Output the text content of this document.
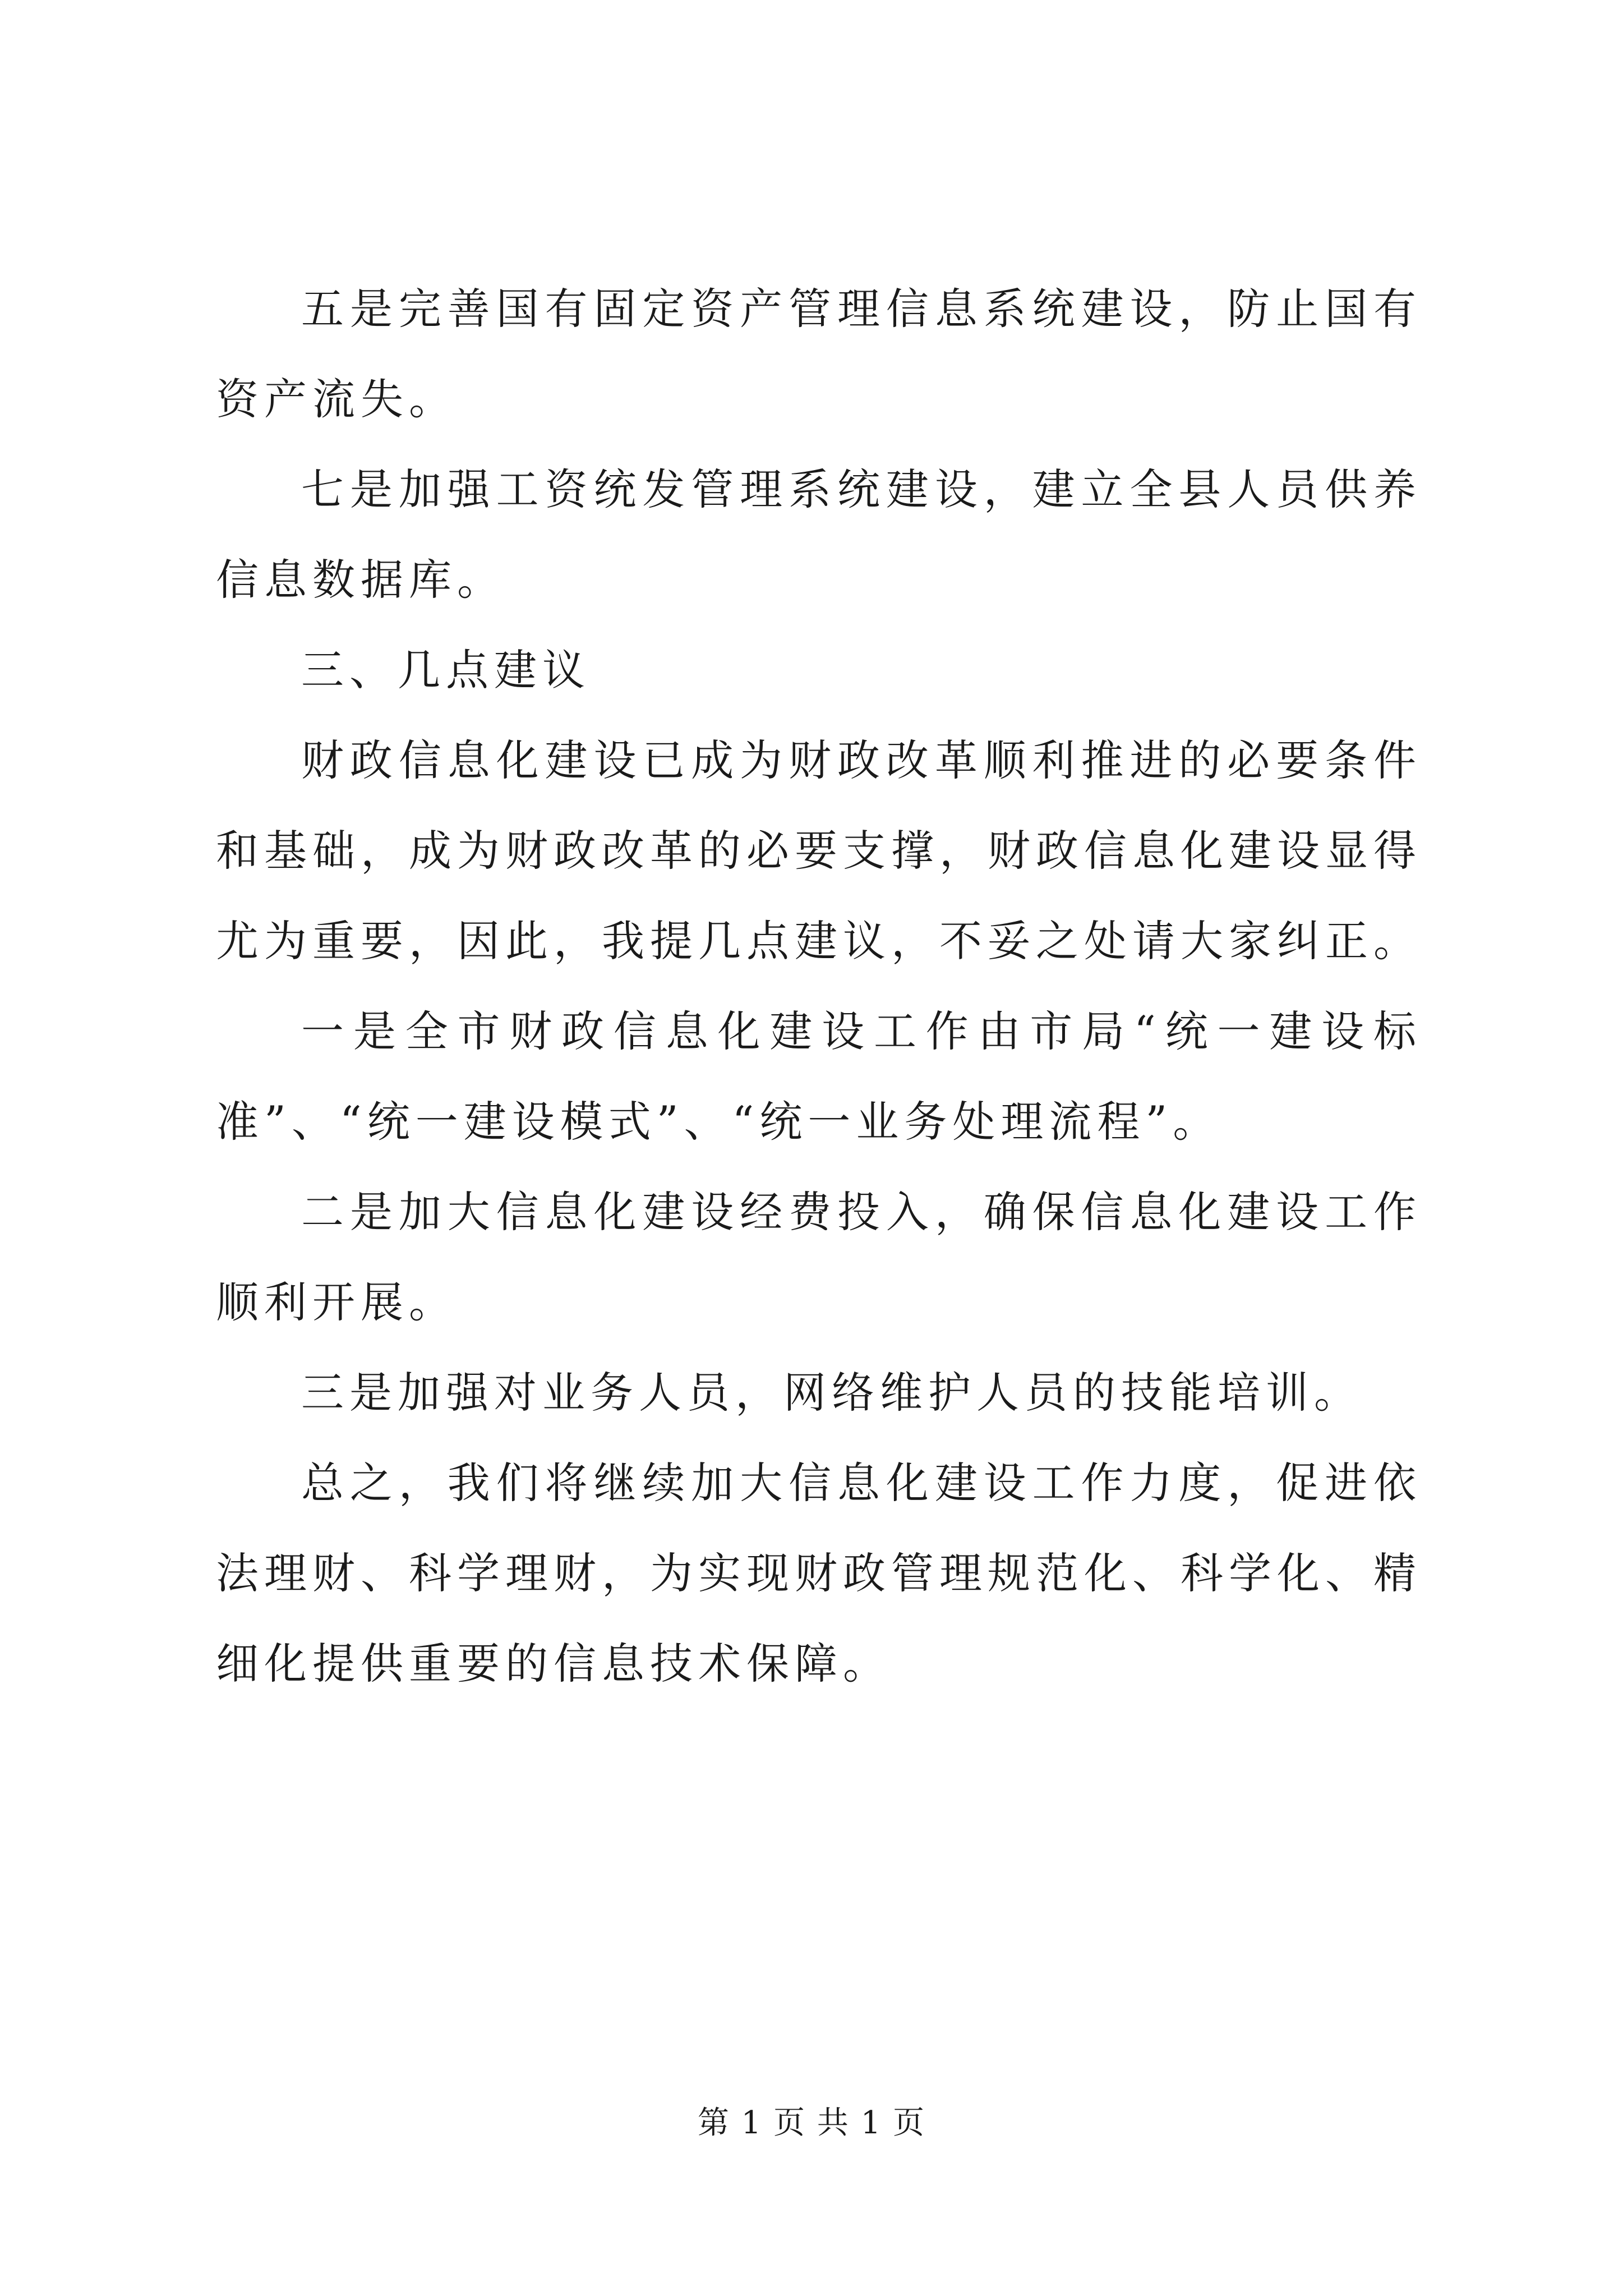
五是完善国有固定资产管理信息系统建设，防止国有资产流失。

七是加强工资统发管理系统建设，建立全县人员供养信息数据库。

三、几点建议

财政信息化建设已成为财政改革顺利推进的必要条件和基础，成为财政改革的必要支撑，财政信息化建设显得尤为重要，因此，我提几点建议，不妥之处请大家纠正。

一是全市财政信息化建设工作由市局“统一建设标准”、“统一建设模式”、“统一业务处理流程”。

二是加大信息化建设经费投入，确保信息化建设工作顺利开展。

三是加强对业务人员，网络维护人员的技能培训。

总之，我们将继续加大信息化建设工作力度，促进依法理财、科学理财，为实现财政管理规范化、科学化、精细化提供重要的信息技术保障。

第 1 页 共 1 页
